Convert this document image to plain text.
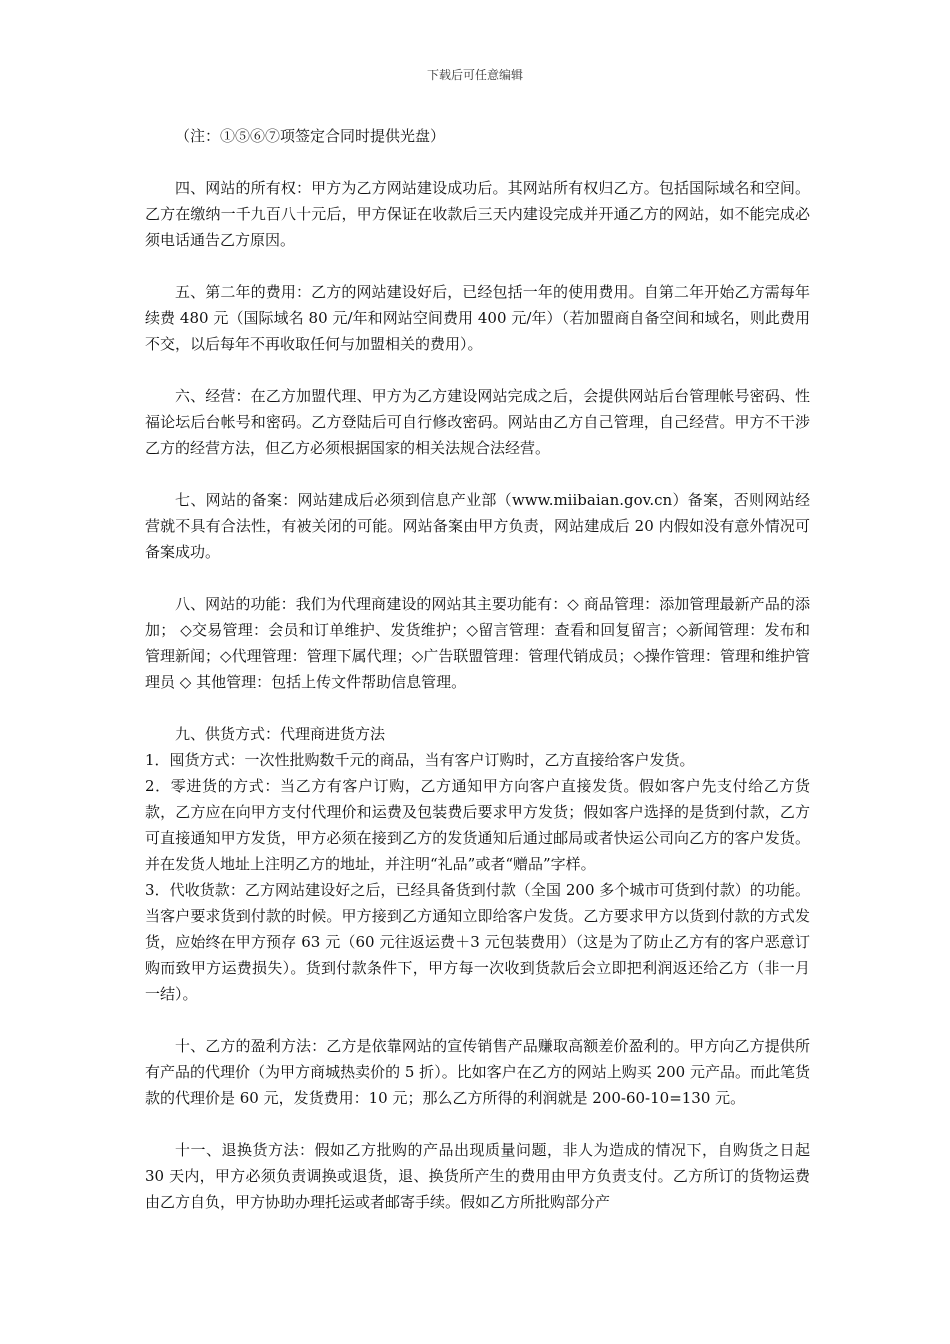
下载后可任意编辑

（注：①⑤⑥⑦项签定合同时提供光盘）

四、网站的所有权：甲方为乙方网站建设成功后。其网站所有权归乙方。包括国际域名和空间。乙方在缴纳一千九百八十元后，甲方保证在收款后三天内建设完成并开通乙方的网站，如不能完成必须电话通告乙方原因。

五、第二年的费用：乙方的网站建设好后，已经包括一年的使用费用。自第二年开始乙方需每年续费 480 元（国际域名 80 元/年和网站空间费用 400 元/年）（若加盟商自备空间和域名，则此费用不交，以后每年不再收取任何与加盟相关的费用）。

六、经营：在乙方加盟代理、甲方为乙方建设网站完成之后，会提供网站后台管理帐号密码、性福论坛后台帐号和密码。乙方登陆后可自行修改密码。网站由乙方自己管理，自己经营。甲方不干涉乙方的经营方法，但乙方必须根据国家的相关法规合法经营。

七、网站的备案：网站建成后必须到信息产业部（www.miibaian.gov.cn）备案，否则网站经营就不具有合法性，有被关闭的可能。网站备案由甲方负责，网站建成后 20 内假如没有意外情况可备案成功。

八、网站的功能：我们为代理商建设的网站其主要功能有：◇ 商品管理：添加管理最新产品的添加； ◇交易管理：会员和订单维护、发货维护；◇留言管理：查看和回复留言；◇新闻管理：发布和管理新闻；◇代理管理：管理下属代理；◇广告联盟管理：管理代销成员；◇操作管理：管理和维护管理员 ◇ 其他管理：包括上传文件帮助信息管理。

九、供货方式：代理商进货方法

1．囤货方式：一次性批购数千元的商品，当有客户订购时，乙方直接给客户发货。

2．零进货的方式：当乙方有客户订购，乙方通知甲方向客户直接发货。假如客户先支付给乙方货款，乙方应在向甲方支付代理价和运费及包装费后要求甲方发货；假如客户选择的是货到付款，乙方可直接通知甲方发货，甲方必须在接到乙方的发货通知后通过邮局或者快运公司向乙方的客户发货。并在发货人地址上注明乙方的地址，并注明“礼品”或者“赠品”字样。

3．代收货款：乙方网站建设好之后，已经具备货到付款（全国 200 多个城市可货到付款）的功能。当客户要求货到付款的时候。甲方接到乙方通知立即给客户发货。乙方要求甲方以货到付款的方式发货，应始终在甲方预存 63 元（60 元往返运费＋3 元包装费用）（这是为了防止乙方有的客户恶意订购而致甲方运费损失）。货到付款条件下，甲方每一次收到货款后会立即把利润返还给乙方（非一月一结）。

十、乙方的盈利方法：乙方是依靠网站的宣传销售产品赚取高额差价盈利的。甲方向乙方提供所有产品的代理价（为甲方商城热卖价的 5 折）。比如客户在乙方的网站上购买 200 元产品。而此笔货款的代理价是 60 元，发货费用：10 元；那么乙方所得的利润就是 200-60-10=130 元。

十一、退换货方法：假如乙方批购的产品出现质量问题，非人为造成的情况下，自购货之日起 30 天内，甲方必须负责调换或退货，退、换货所产生的费用由甲方负责支付。乙方所订的货物运费由乙方自负，甲方协助办理托运或者邮寄手续。假如乙方所批购部分产
